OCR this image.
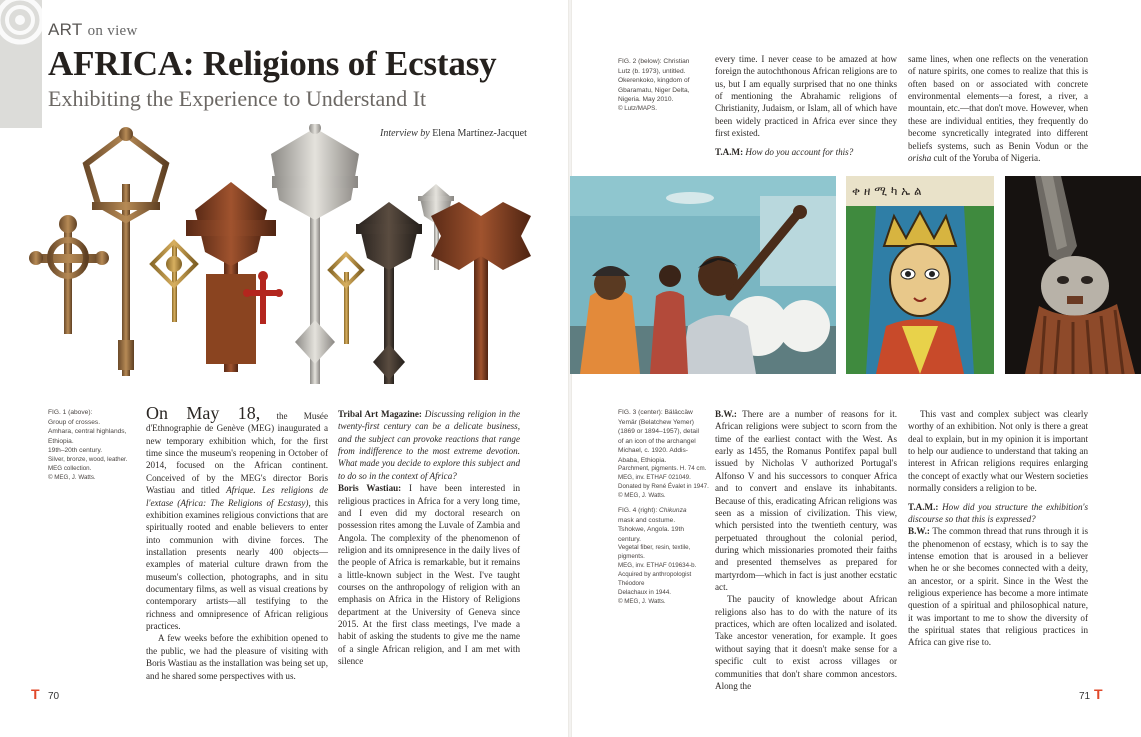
ART on view
AFRICA: Religions of Ecstasy
Exhibiting the Experience to Understand It
Interview by Elena Martínez-Jacquet
FIG. 1 (above):
Group of crosses.
Amhara, central highlands,
Ethiopia.
19th–20th century.
Silver, bronze, wood, leather.
MEG collection.
© MEG, J. Watts.

On May 18, the Musée d'Ethnographie de Genève (MEG) inaugurated a new temporary exhibition which, for the first time since the museum's reopening in October of 2014, focused on the African continent. Conceived of by the MEG's director Boris Wastiau and titled Afrique. Les religions de l'extase (Africa: The Religions of Ecstasy), this exhibition examines religious convictions that are spiritually rooted and enable believers to enter into communion with divine forces. The installation presents nearly 400 objects—examples of material culture drawn from the museum's collection, photographs, and in situ documentary films, as well as visual creations by contemporary artists—all testifying to the richness and omnipresence of African religious practices.

A few weeks before the exhibition opened to the public, we had the pleasure of visiting with Boris Wastiau as the installation was being set up, and he shared some perspectives with us.

Tribal Art Magazine: Discussing religion in the twenty-first century can be a delicate business, and the subject can provoke reactions that range from indifference to the most extreme devotion. What made you decide to explore this subject and to do so in the context of Africa?

Boris Wastiau: I have been interested in religious practices in Africa for a very long time, and I even did my doctoral research on possession rites among the Luvale of Zambia and Angola. The complexity of the phenomenon of religion and its omnipresence in the daily lives of the people of Africa is remarkable, but it remains a little-known subject in the West. I've taught courses on the anthropology of religion with an emphasis on Africa in the History of Religions department at the University of Geneva since 2015. At the first class meetings, I've made a habit of asking the students to give me the name of a single African religion, and I am met with silence

T 70
FIG. 2 (below): Christian
Lutz (b. 1973), untitled.
Okerenkoko, kingdom of
Gbaramatu, Niger Delta,
Nigeria. May 2010.
© Lutz/MAPS.

every time. I never cease to be amazed at how foreign the autochthonous African religions are to us, but I am equally surprised that no one thinks of mentioning the Abrahamic religions of Christianity, Judaism, or Islam, all of which have been widely practiced in Africa ever since they first existed.

T.A.M: How do you account for this?

same lines, when one reflects on the veneration of nature spirits, one comes to realize that this is often based on or associated with concrete environmental elements—a forest, a river, a mountain, etc.—that don't move. However, when these are individual entities, they frequently do become syncretically integrated into different beliefs systems, such as Benin Vodun or the orisha cult of the Yoruba of Nigeria.

ቀ ዘ ሚ ካ ኤ ል
FIG. 3 (center): Bäläccäw
Yemär (Belatchew Yemer)
(1869 or 1894–1957), detail
of an icon of the archangel
Michael, c. 1920. Addis-
Ababa, Ethiopia.
Parchment, pigments. H. 74 cm.
MEG, inv. ETHAF 021049.
Donated by René Évalet in 1947.
© MEG, J. Watts.
FIG. 4 (right): Chikunza
mask and costume.
Tshokwe, Angola. 19th
century.
Vegetal fiber, resin, textile, pigments.
MEG, inv. ETHAF 019634-b.
Acquired by anthropologist Théodore
Delachaux in 1944.
© MEG, J. Watts.

B.W.: There are a number of reasons for it. African religions were subject to scorn from the time of the earliest contact with the West. As early as 1455, the Romanus Pontifex papal bull issued by Nicholas V authorized Portugal's Alfonso V and his successors to conquer Africa and to convert and enslave its inhabitants. Because of this, eradicating African religions was seen as a mission of civilization. This view, which persisted into the twentieth century, was perpetuated throughout the colonial period, during which missionaries promoted their faiths and presented themselves as prepared for martyrdom—which in fact is just another ecstatic act.

The paucity of knowledge about African religions also has to do with the nature of its practices, which are often localized and isolated. Take ancestor veneration, for example. It goes without saying that it doesn't make sense for a specific cult to exist across villages or communities that don't share common ancestors. Along the

This vast and complex subject was clearly worthy of an exhibition. Not only is there a great deal to explain, but in my opinion it is important to help our audience to understand that taking an interest in African religions requires enlarging the concept of exactly what our Western societies normally considers a religion to be.

T.A.M.: How did you structure the exhibition's discourse so that this is expressed?

B.W.: The common thread that runs through it is the phenomenon of ecstasy, which is to say the intense emotion that is aroused in a believer when he or she becomes connected with a deity, an ancestor, or a spirit. Since in the West the religious experience has become a more intimate question of a spiritual and philosophical nature, it was important to me to show the diversity of the spiritual states that religious practices in Africa can give rise to.

71 T
